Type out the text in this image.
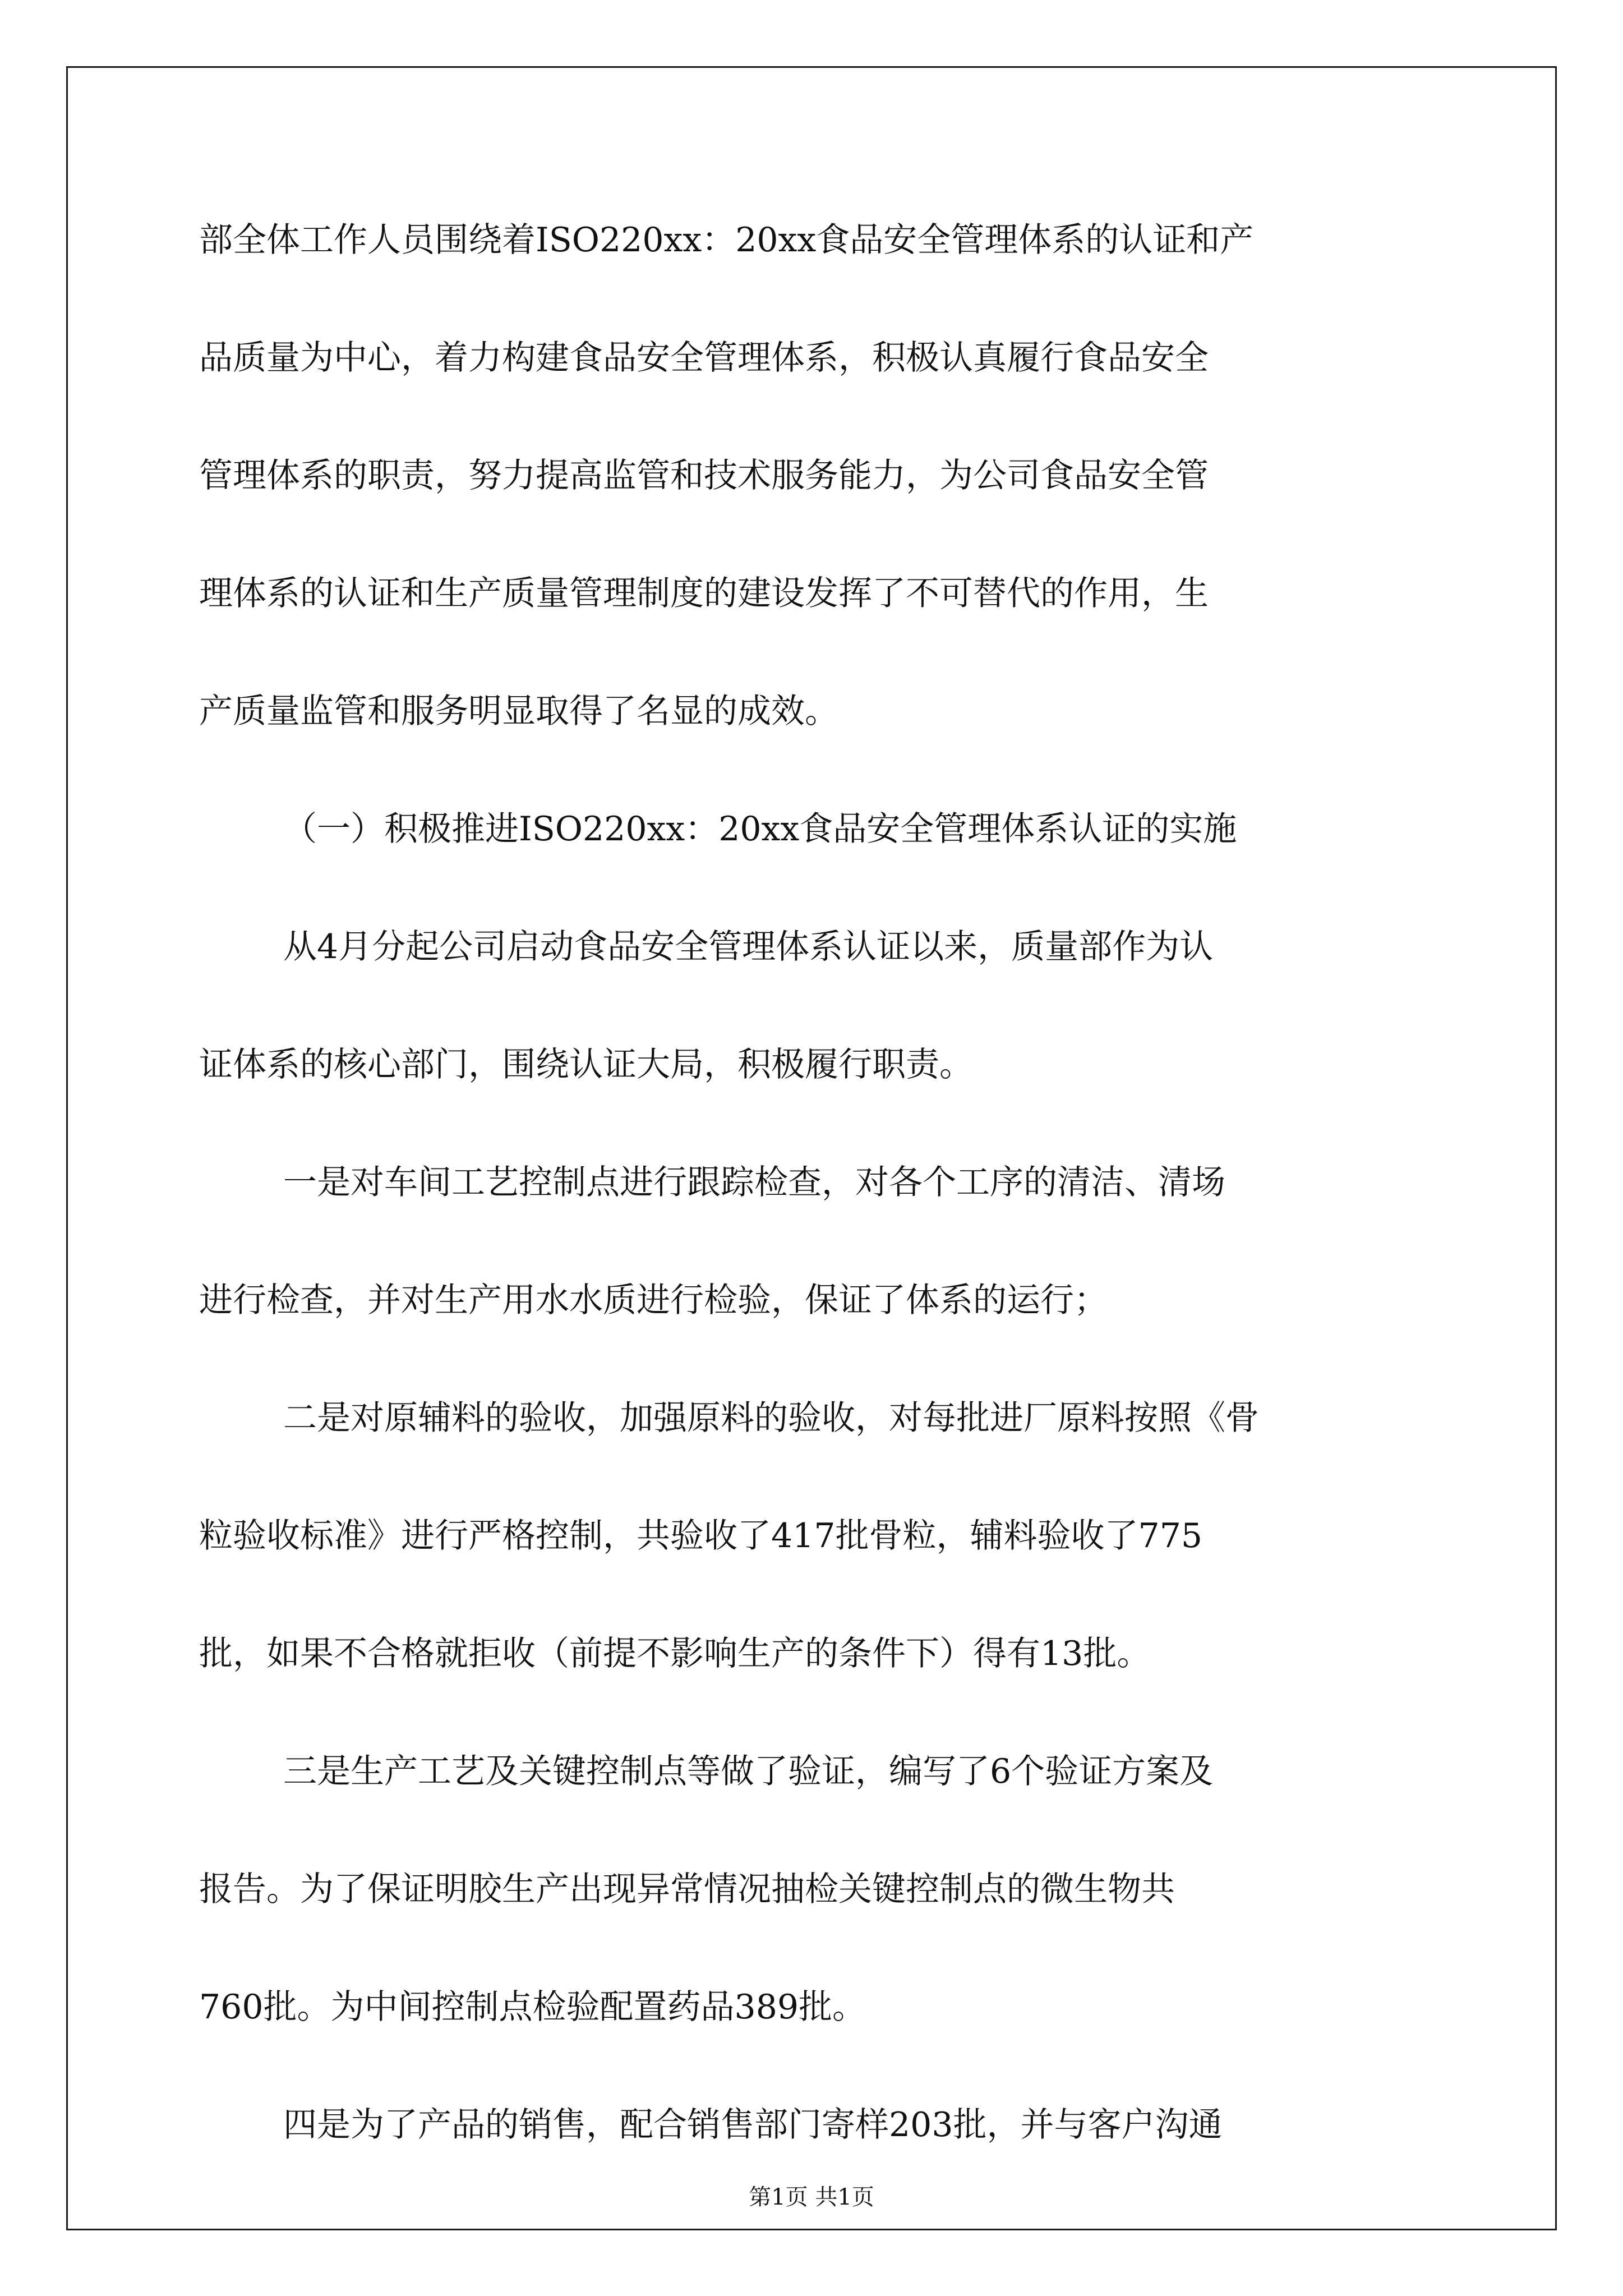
部全体工作人员围绕着ISO220xx：20xx食品安全管理体系的认证和产

品质量为中心，着力构建食品安全管理体系，积极认真履行食品安全

管理体系的职责，努力提高监管和技术服务能力，为公司食品安全管

理体系的认证和生产质量管理制度的建设发挥了不可替代的作用，生

产质量监管和服务明显取得了名显的成效。

（一）积极推进ISO220xx：20xx食品安全管理体系认证的实施

从4月分起公司启动食品安全管理体系认证以来，质量部作为认

证体系的核心部门，围绕认证大局，积极履行职责。

一是对车间工艺控制点进行跟踪检查，对各个工序的清洁、清场

进行检查，并对生产用水水质进行检验，保证了体系的运行；

二是对原辅料的验收，加强原料的验收，对每批进厂原料按照《骨

粒验收标准》进行严格控制，共验收了417批骨粒，辅料验收了775

批，如果不合格就拒收（前提不影响生产的条件下）得有13批。

三是生产工艺及关键控制点等做了验证，编写了6个验证方案及

报告。为了保证明胶生产出现异常情况抽检关键控制点的微生物共

760批。为中间控制点检验配置药品389批。

四是为了产品的销售，配合销售部门寄样203批，并与客户沟通

第1页 共1页
